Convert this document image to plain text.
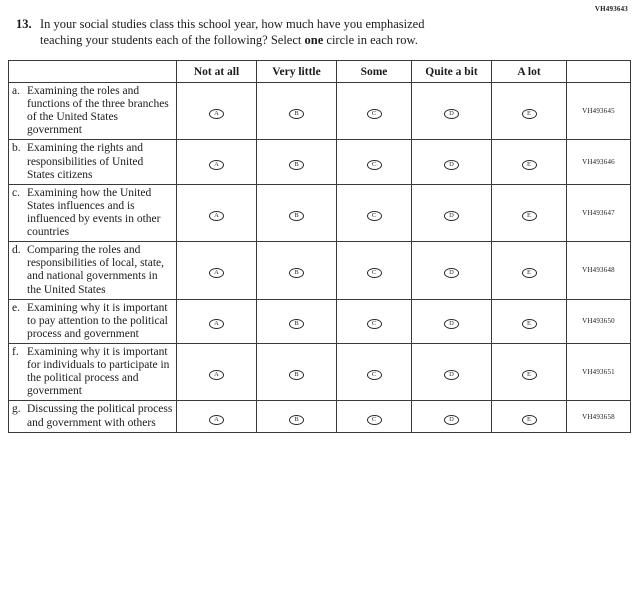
VH493643
13. In your social studies class this school year, how much have you emphasized
teaching your students each of the following? Select one circle in each row.
	Not at all	Very little	Some	Quite a bit	A lot	

a. Examining the roles and functions of the three branches of the United States government	A	B	C	D	E	VH493645

b. Examining the rights and responsibilities of United States citizens	A	B	C	D	E	VH493646

c. Examining how the United States influences and is influenced by events in other countries	A	B	C	D	E	VH493647

d. Comparing the roles and responsibilities of local, state, and national governments in the United States	A	B	C	D	E	VH493648

e. Examining why it is important to pay attention to the political process and government	A	B	C	D	E	VH493650

f. Examining why it is important for individuals to participate in the political process and government	A	B	C	D	E	VH493651

g. Discussing the political process and government with others	A	B	C	D	E	VH493658
